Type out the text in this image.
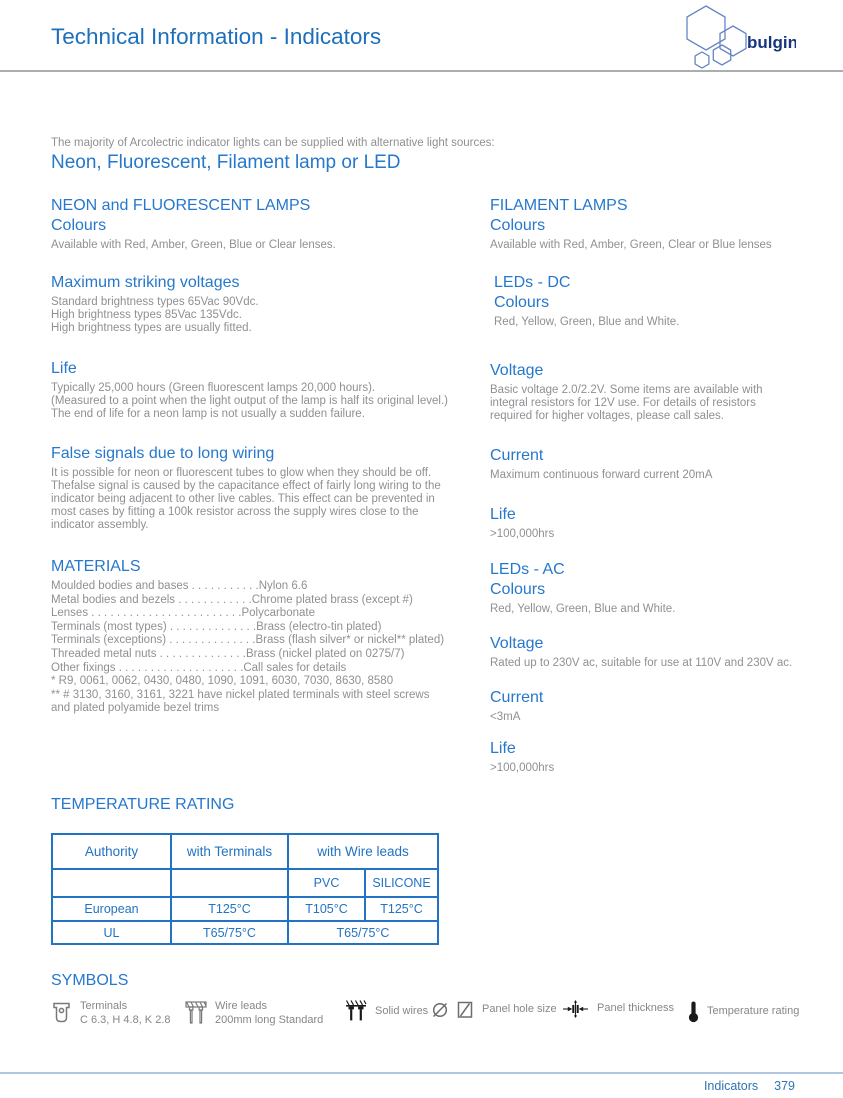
Technical Information - Indicators	bulgin

The majority of Arcolectric indicator lights can be supplied with alternative light sources:

Neon, Fluorescent, Filament lamp or LED

NEON and FLUORESCENT LAMPS
Colours

Available with Red, Amber, Green, Blue or Clear lenses.

Maximum striking voltages

Standard brightness types 65Vac 90Vdc.

High brightness types 85Vac 135Vdc.

High brightness types are usually fitted.

Life

Typically 25,000 hours (Green fluorescent lamps 20,000 hours).

(Measured to a point when the light output of the lamp is half its original level.)

The end of life for a neon lamp is not usually a sudden failure.

False signals due to long wiring

It is possible for neon or fluorescent tubes to glow when they should be off.

Thefalse signal is caused by the capacitance effect of fairly long wiring to the

indicator being adjacent to other live cables. This effect can be prevented in

most cases by fitting a 100k resistor across the supply wires close to the

indicator assembly.

MATERIALS

Moulded bodies and bases . . . . . . . . . . .Nylon 6.6

Metal bodies and bezels . . . . . . . . . . . .Chrome plated brass (except #)

Lenses . . . . . . . . . . . . . . . . . . . . . . . .Polycarbonate

Terminals (most types) . . . . . . . . . . . . . .Brass (electro-tin plated)

Terminals (exceptions) . . . . . . . . . . . . . .Brass (flash silver* or nickel** plated)

Threaded metal nuts . . . . . . . . . . . . . .Brass (nickel plated on 0275/7)

Other fixings . . . . . . . . . . . . . . . . . . . .Call sales for details

* R9, 0061, 0062, 0430, 0480, 1090, 1091, 6030, 7030, 8630, 8580

** # 3130, 3160, 3161, 3221 have nickel plated terminals with steel screws

and plated polyamide bezel trims

FILAMENT LAMPS
Colours

Available with Red, Amber, Green, Clear or Blue lenses

LEDs - DC
Colours

Red, Yellow, Green, Blue and White.

Voltage

Basic voltage 2.0/2.2V. Some items are available with

integral resistors for 12V use. For details of resistors

required for higher voltages, please call sales.

Current

Maximum continuous forward current 20mA

Life

>100,000hrs

LEDs - AC
Colours

Red, Yellow, Green, Blue and White.

Voltage

Rated up to 230V ac, suitable for use at 110V and 230V ac.

Current

<3mA

Life

>100,000hrs

TEMPERATURE RATING
Authority	with Terminals	with Wire leads	
		PVC	SILICONE
European	T125°C	T105°C	T125°C
UL	T65/75°C	T65/75°C	
SYMBOLS
Terminals
C 6.3, H 4.8, K 2.8
Wire leads
200mm long Standard
Solid wires	Panel hole size	Panel thickness	Temperature rating
Indicators 379
